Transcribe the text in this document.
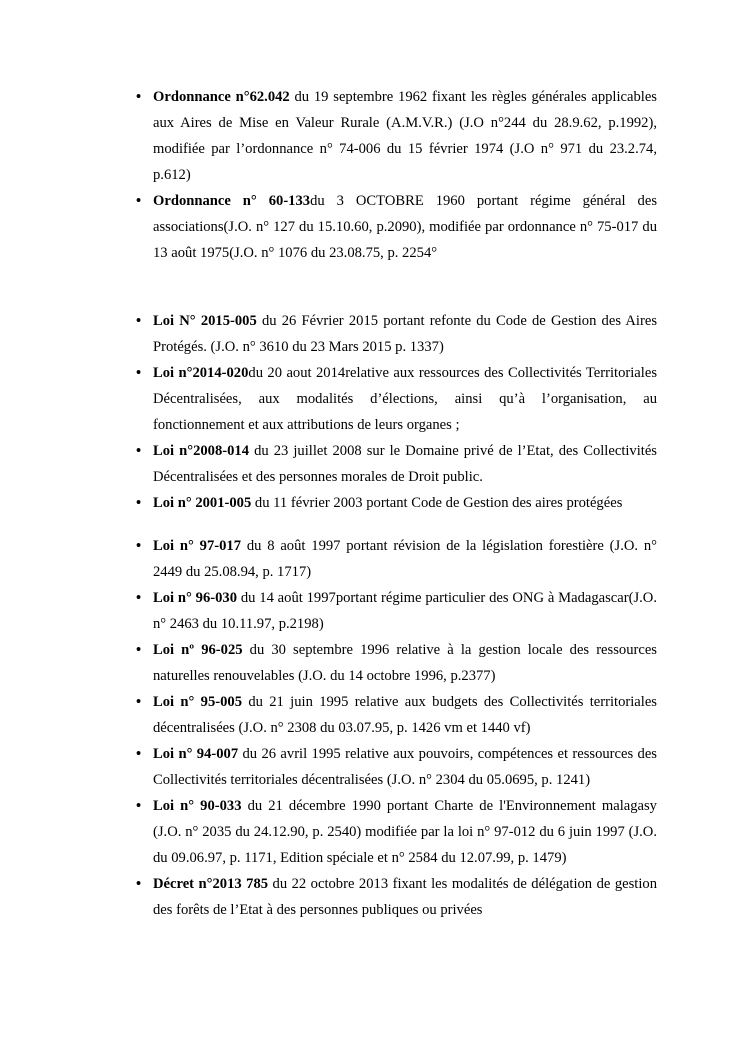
• Ordonnance n°62.042 du 19 septembre 1962 fixant les règles générales applicables aux Aires de Mise en Valeur Rurale (A.M.V.R.) (J.O n°244 du 28.9.62, p.1992), modifiée par l’ordonnance n° 74-006 du 15 février 1974 (J.O n° 971 du 23.2.74, p.612)
• Ordonnance n° 60-133du 3 OCTOBRE 1960 portant régime général des associations(J.O. n° 127 du 15.10.60, p.2090), modifiée par ordonnance n° 75-017 du 13 août 1975(J.O. n° 1076 du 23.08.75, p. 2254°
• Loi N° 2015-005 du 26 Février 2015 portant refonte du Code de Gestion des Aires Protégés. (J.O. n° 3610 du 23 Mars 2015 p. 1337)
• Loi n°2014-020du 20 aout 2014relative aux ressources des Collectivités Territoriales Décentralisées, aux modalités d’élections, ainsi qu’à l’organisation, au fonctionnement et aux attributions de leurs organes ;
• Loi n°2008-014 du 23 juillet 2008 sur le Domaine privé de l’Etat, des Collectivités Décentralisées et des personnes morales de Droit public.
• Loi n° 2001-005 du 11 février 2003 portant Code de Gestion des aires protégées
• Loi n° 97-017 du 8 août 1997 portant révision de la législation forestière (J.O. n° 2449 du 25.08.94, p. 1717)
• Loi n° 96-030 du 14 août 1997portant régime particulier des ONG à Madagascar(J.O. n° 2463 du 10.11.97, p.2198)
• Loi nº 96-025 du 30 septembre 1996 relative à la gestion locale des ressources naturelles renouvelables (J.O. du 14 octobre 1996, p.2377)
• Loi n° 95-005 du 21 juin 1995 relative aux budgets des Collectivités territoriales décentralisées (J.O. n° 2308 du 03.07.95, p. 1426 vm et 1440 vf)
• Loi n° 94-007 du 26 avril 1995 relative aux pouvoirs, compétences et ressources des Collectivités territoriales décentralisées (J.O. n° 2304 du 05.0695, p. 1241)
• Loi n° 90-033 du 21 décembre 1990 portant Charte de l'Environnement malagasy (J.O. n° 2035 du 24.12.90, p. 2540) modifiée par la loi n° 97-012 du 6 juin 1997 (J.O. du 09.06.97, p. 1171, Edition spéciale et n° 2584 du 12.07.99, p. 1479)
• Décret n°2013 785 du 22 octobre 2013 fixant les modalités de délégation de gestion des forêts de l’Etat à des personnes publiques ou privées
